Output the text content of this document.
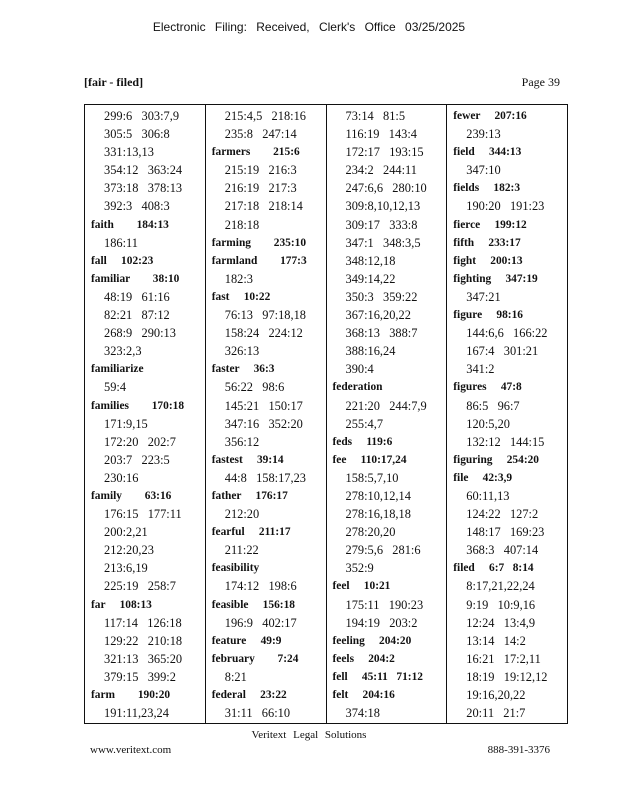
Electronic Filing: Received, Clerk's Office 03/25/2025
[fair - filed]	Page 39
299:6   303:7,9
305:5   306:8
331:13,13
354:12   363:24
373:18   378:13
392:3   408:3
faith        184:13
186:11
fall     102:23
familiar        38:10
48:19   61:16
82:21   87:12
268:9   290:13
323:2,3
familiarize
59:4
families        170:18
171:9,15
172:20   202:7
203:7   223:5
230:16
family        63:16
176:15   177:11
200:2,21
212:20,23
213:6,19
225:19   258:7
far     108:13
117:14   126:18
129:22   210:18
321:13   365:20
379:15   399:2
farm        190:20
191:11,23,24
215:4,5   218:16
235:8   247:14
farmers        215:6
215:19   216:3
216:19   217:3
217:18   218:14
218:18
farming        235:10
farmland        177:3
182:3
fast     10:22
76:13   97:18,18
158:24   224:12
326:13
faster     36:3
56:22   98:6
145:21   150:17
347:16   352:20
356:12
fastest     39:14
44:8   158:17,23
father     176:17
212:20
fearful     211:17
211:22
feasibility
174:12   198:6
feasible     156:18
196:9   402:17
feature     49:9
february        7:24
8:21
federal     23:22
31:11   66:10
73:14   81:5
116:19   143:4
172:17   193:15
234:2   244:11
247:6,6   280:10
309:8,10,12,13
309:17   333:8
347:1   348:3,5
348:12,18
349:14,22
350:3   359:22
367:16,20,22
368:13   388:7
388:16,24
390:4
federation
221:20   244:7,9
255:4,7
feds     119:6
fee     110:17,24
158:5,7,10
278:10,12,14
278:16,18,18
278:20,20
279:5,6   281:6
352:9
feel     10:21
175:11   190:23
194:19   203:2
feeling     204:20
feels     204:2
fell     45:11   71:12
felt     204:16
374:18
fewer     207:16
239:13
field     344:13
347:10
fields     182:3
190:20   191:23
fierce     199:12
fifth     233:17
fight     200:13
fighting     347:19
347:21
figure     98:16
144:6,6   166:22
167:4   301:21
341:2
figures     47:8
86:5   96:7
120:5,20
132:12   144:15
figuring     254:20
file     42:3,9
60:11,13
124:22   127:2
148:17   169:23
368:3   407:14
filed     6:7   8:14
8:17,21,22,24
9:19   10:9,16
12:24   13:4,9
13:14   14:2
16:21   17:2,11
18:19   19:12,12
19:16,20,22
20:11   21:7
Veritext Legal Solutions
www.veritext.com	888-391-3376
